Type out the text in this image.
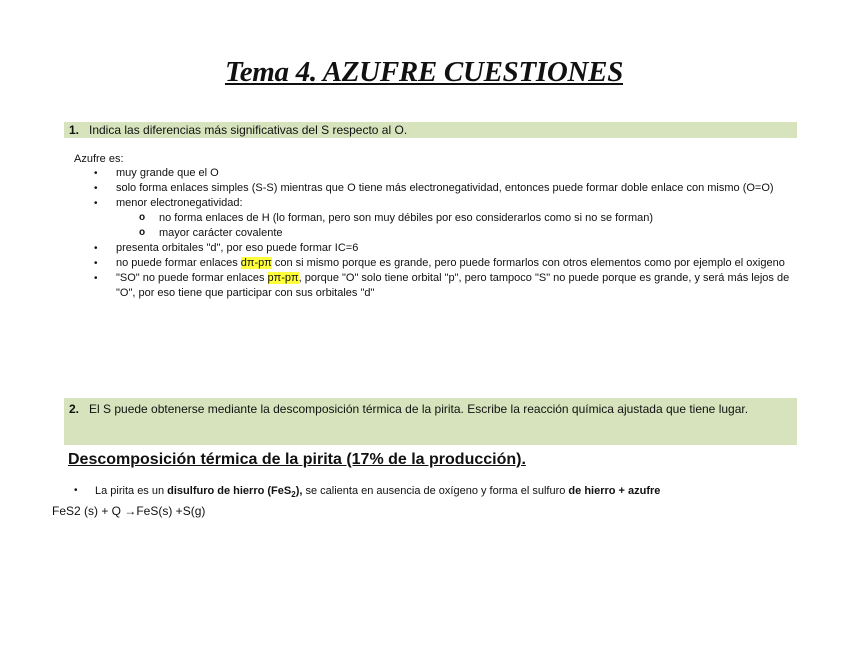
Tema 4. AZUFRE CUESTIONES
1. Indica las diferencias más significativas del S respecto al O.
Azufre es:
• muy grande que el O
• solo forma enlaces simples (S-S) mientras que O tiene más electronegatividad, entonces puede formar doble enlace con mismo (O=O)
• menor electronegatividad:
o no forma enlaces de H (lo forman, pero son muy débiles por eso considerarlos como si no se forman)
o mayor carácter covalente
• presenta orbitales "d", por eso puede formar IC=6
• no puede formar enlaces dπ-pπ con si mismo porque es grande, pero puede formarlos con otros elementos como por ejemplo el oxigeno
• "SO" no puede formar enlaces pπ-pπ, porque "O" solo tiene orbital "p", pero tampoco "S" no puede porque es grande, y será más lejos de "O", por eso tiene que participar con sus orbitales "d"
2. El S puede obtenerse mediante la descomposición térmica de la pirita. Escribe la reacción química ajustada que tiene lugar.
Descomposición térmica de la pirita (17% de la producción).
• La pirita es un disulfuro de hierro (FeS$_2$), se calienta en ausencia de oxígeno y forma el sulfuro de hierro + azufre
FeS2 (s) + Q →FeS(s) +S(g)
